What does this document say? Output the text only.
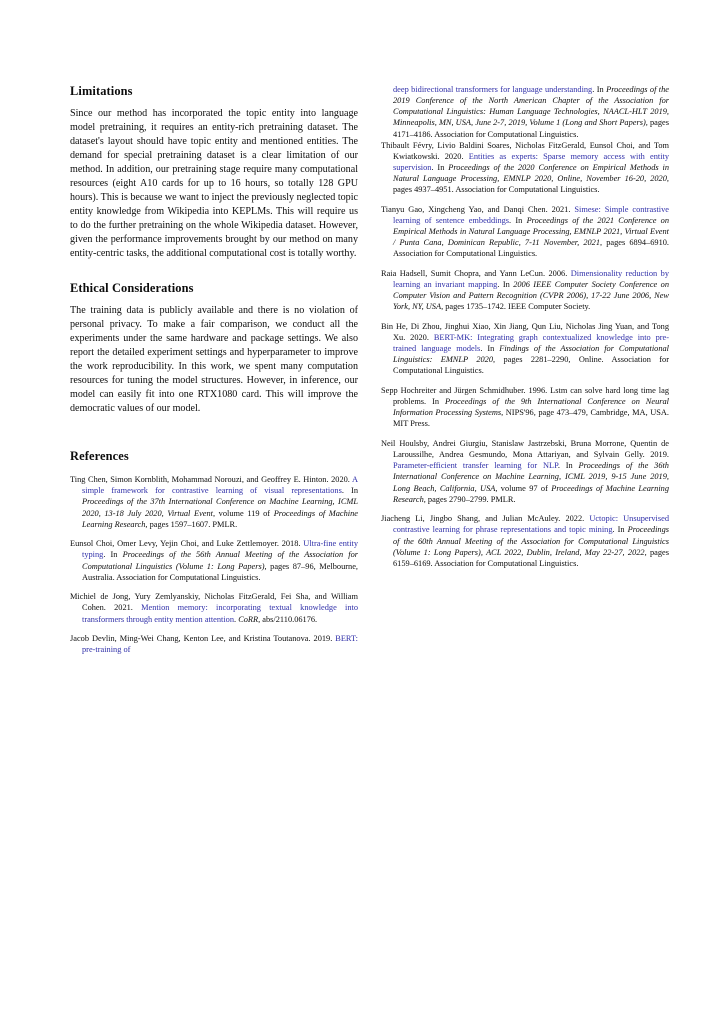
Limitations

Since our method has incorporated the topic entity into language model pretraining, it requires an entity-rich pretraining dataset. The dataset's layout should have topic entity and mentioned entities. The demand for special pretraining dataset is a clear limitation of our method. In addition, our pretraining stage require many computational resources (eight A10 cards for up to 16 hours, so totally 128 GPU hours). This is because we want to inject the previously neglected topic entity knowledge from Wikipedia into KEPLMs. This will require us to do the further pretraining on the whole Wikipedia dataset. However, given the performance improvements brought by our method on many entity-centric tasks, the additional computational cost is totally worthy.

Ethical Considerations

The training data is publicly available and there is no violation of personal privacy. To make a fair comparison, we conduct all the experiments under the same hardware and package settings. We also report the detailed experiment settings and hyperparameter to improve the work reproducibility. In this work, we spent many computation resources for tuning the model structures. However, in inference, our model can easily fit into one RTX1080 card. This will improve the democratic values of our model.

References

Ting Chen, Simon Kornblith, Mohammad Norouzi, and Geoffrey E. Hinton. 2020. A simple framework for contrastive learning of visual representations. In Proceedings of the 37th International Conference on Machine Learning, ICML 2020, 13-18 July 2020, Virtual Event, volume 119 of Proceedings of Machine Learning Research, pages 1597–1607. PMLR.

Eunsol Choi, Omer Levy, Yejin Choi, and Luke Zettlemoyer. 2018. Ultra-fine entity typing. In Proceedings of the 56th Annual Meeting of the Association for Computational Linguistics (Volume 1: Long Papers), pages 87–96, Melbourne, Australia. Association for Computational Linguistics.

Michiel de Jong, Yury Zemlyanskiy, Nicholas FitzGerald, Fei Sha, and William Cohen. 2021. Mention memory: incorporating textual knowledge into transformers through entity mention attention. CoRR, abs/2110.06176.

Jacob Devlin, Ming-Wei Chang, Kenton Lee, and Kristina Toutanova. 2019. BERT: pre-training of

deep bidirectional transformers for language understanding. In Proceedings of the 2019 Conference of the North American Chapter of the Association for Computational Linguistics: Human Language Technologies, NAACL-HLT 2019, Minneapolis, MN, USA, June 2-7, 2019, Volume 1 (Long and Short Papers), pages 4171–4186. Association for Computational Linguistics.

Thibault Févry, Livio Baldini Soares, Nicholas FitzGerald, Eunsol Choi, and Tom Kwiatkowski. 2020. Entities as experts: Sparse memory access with entity supervision. In Proceedings of the 2020 Conference on Empirical Methods in Natural Language Processing, EMNLP 2020, Online, November 16-20, 2020, pages 4937–4951. Association for Computational Linguistics.

Tianyu Gao, Xingcheng Yao, and Danqi Chen. 2021. Simese: Simple contrastive learning of sentence embeddings. In Proceedings of the 2021 Conference on Empirical Methods in Natural Language Processing, EMNLP 2021, Virtual Event / Punta Cana, Dominican Republic, 7-11 November, 2021, pages 6894–6910. Association for Computational Linguistics.

Raia Hadsell, Sumit Chopra, and Yann LeCun. 2006. Dimensionality reduction by learning an invariant mapping. In 2006 IEEE Computer Society Conference on Computer Vision and Pattern Recognition (CVPR 2006), 17-22 June 2006, New York, NY, USA, pages 1735–1742. IEEE Computer Society.

Bin He, Di Zhou, Jinghui Xiao, Xin Jiang, Qun Liu, Nicholas Jing Yuan, and Tong Xu. 2020. BERT-MK: Integrating graph contextualized knowledge into pre-trained language models. In Findings of the Association for Computational Linguistics: EMNLP 2020, pages 2281–2290, Online. Association for Computational Linguistics.

Sepp Hochreiter and Jürgen Schmidhuber. 1996. Lstm can solve hard long time lag problems. In Proceedings of the 9th International Conference on Neural Information Processing Systems, NIPS'96, page 473–479, Cambridge, MA, USA. MIT Press.

Neil Houlsby, Andrei Giurgiu, Stanislaw Jastrzebski, Bruna Morrone, Quentin de Laroussilhe, Andrea Gesmundo, Mona Attariyan, and Sylvain Gelly. 2019. Parameter-efficient transfer learning for NLP. In Proceedings of the 36th International Conference on Machine Learning, ICML 2019, 9-15 June 2019, Long Beach, California, USA, volume 97 of Proceedings of Machine Learning Research, pages 2790–2799. PMLR.

Jiacheng Li, Jingbo Shang, and Julian McAuley. 2022. Uctopic: Unsupervised contrastive learning for phrase representations and topic mining. In Proceedings of the 60th Annual Meeting of the Association for Computational Linguistics (Volume 1: Long Papers), ACL 2022, Dublin, Ireland, May 22-27, 2022, pages 6159–6169. Association for Computational Linguistics.
